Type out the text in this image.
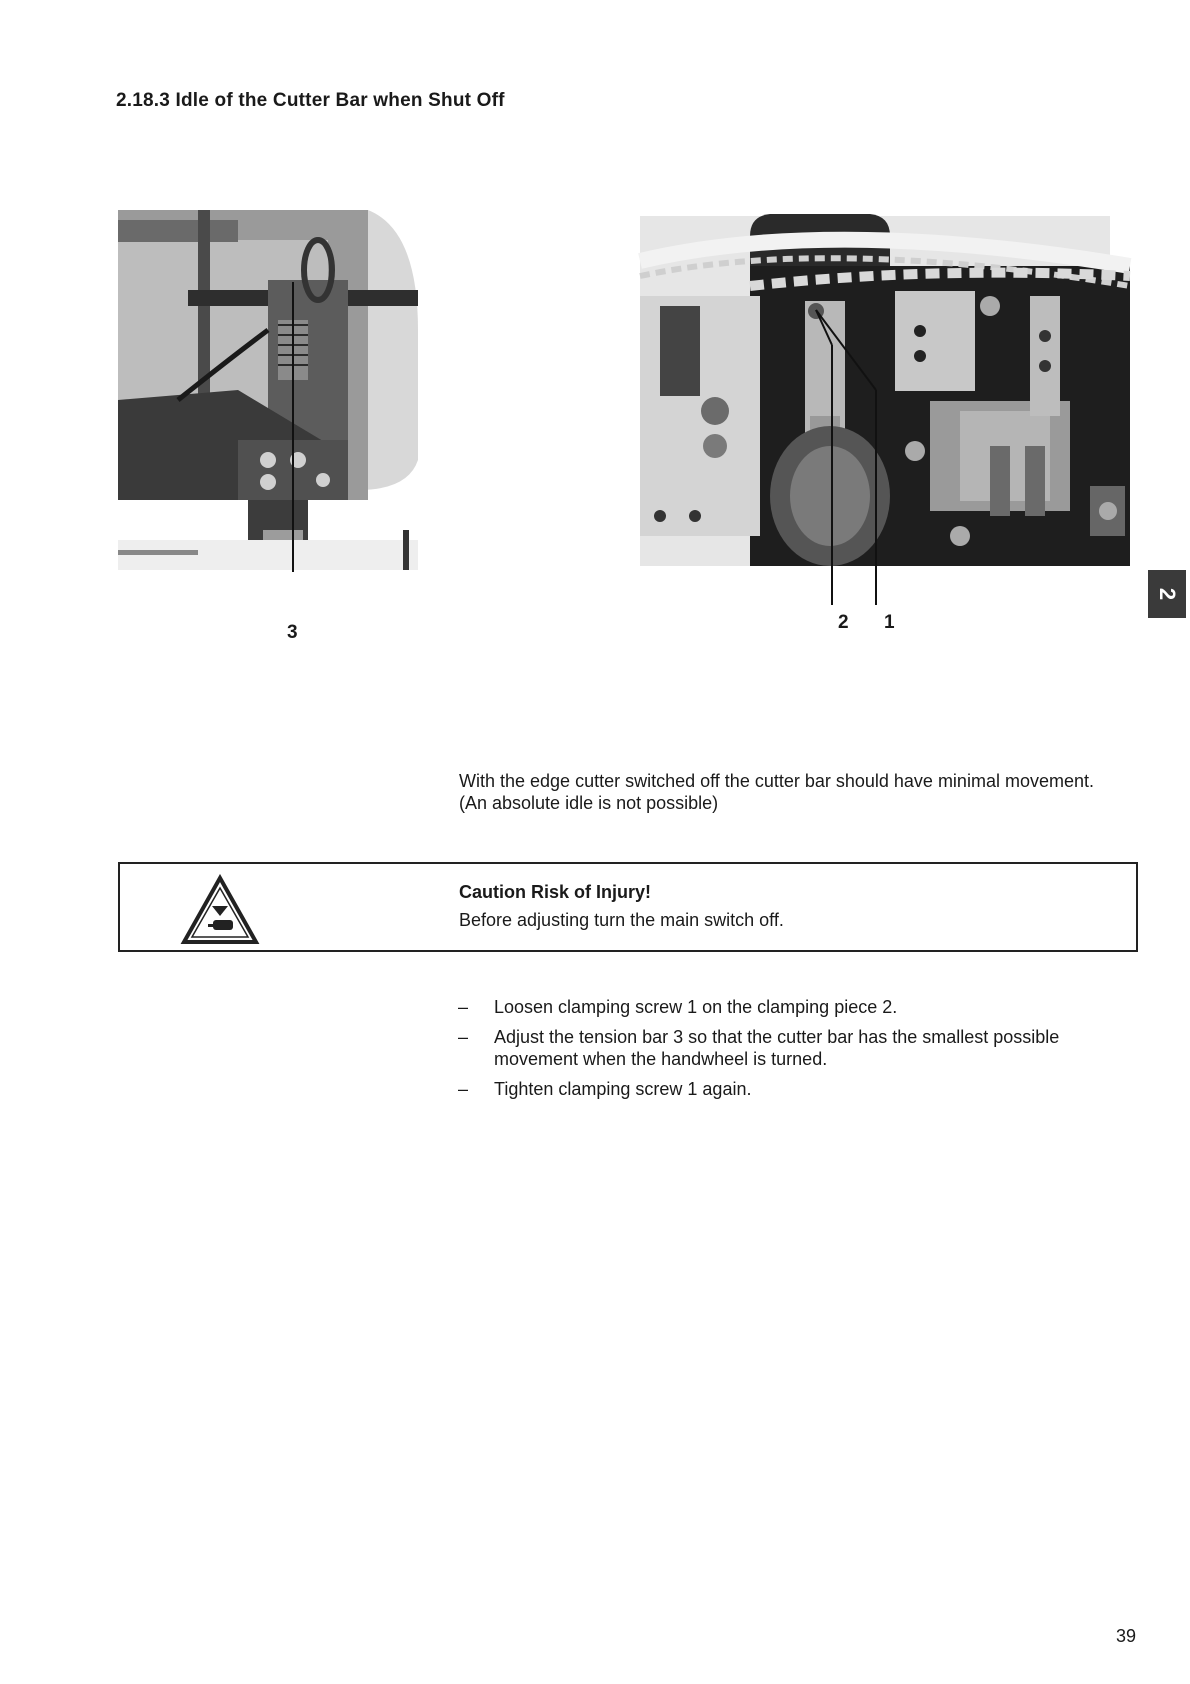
2.18.3 Idle of the Cutter Bar when Shut Off
3	2 1
2
With the edge cutter switched off the cutter bar should have minimal movement. (An absolute idle is not possible)
Caution Risk of Injury!
Before adjusting turn the main switch off.
– Loosen clamping screw 1 on the clamping piece 2.
– Adjust the tension bar 3 so that the cutter bar has the smallest possible movement when the handwheel is turned.
– Tighten clamping screw 1 again.
39
